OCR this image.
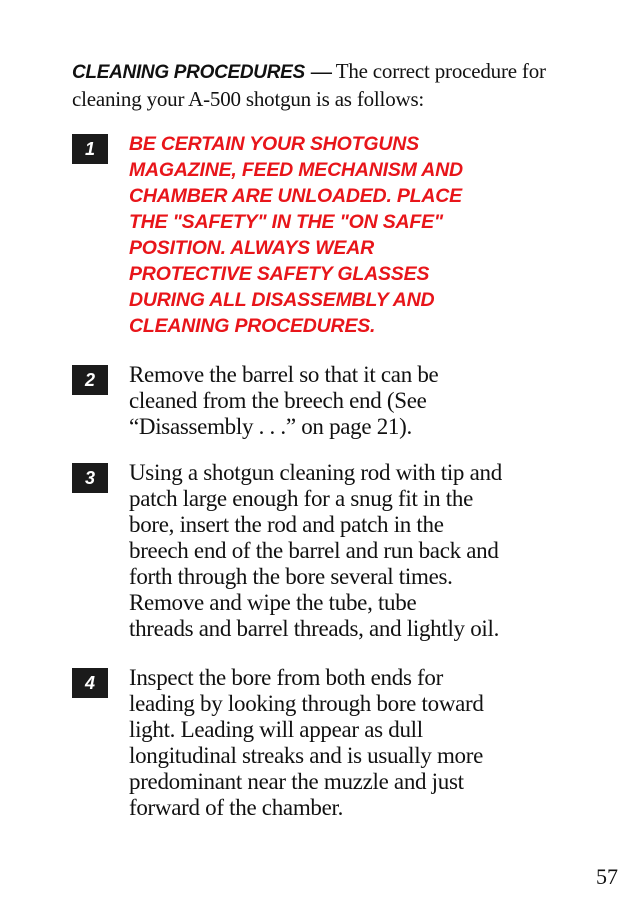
CLEANING PROCEDURES — The correct procedure for cleaning your A-500 shotgun is as follows:
1	BE CERTAIN YOUR SHOTGUNS
MAGAZINE, FEED MECHANISM AND
CHAMBER ARE UNLOADED. PLACE
THE "SAFETY" IN THE "ON SAFE"
POSITION. ALWAYS WEAR
PROTECTIVE SAFETY GLASSES
DURING ALL DISASSEMBLY AND
CLEANING PROCEDURES.
2	Remove the barrel so that it can be
cleaned from the breech end (See
“Disassembly . . .” on page 21).
3	Using a shotgun cleaning rod with tip and
patch large enough for a snug fit in the
bore, insert the rod and patch in the
breech end of the barrel and run back and
forth through the bore several times.
Remove and wipe the tube, tube
threads and barrel threads, and lightly oil.
4	Inspect the bore from both ends for
leading by looking through bore toward
light. Leading will appear as dull
longitudinal streaks and is usually more
predominant near the muzzle and just
forward of the chamber.
57
